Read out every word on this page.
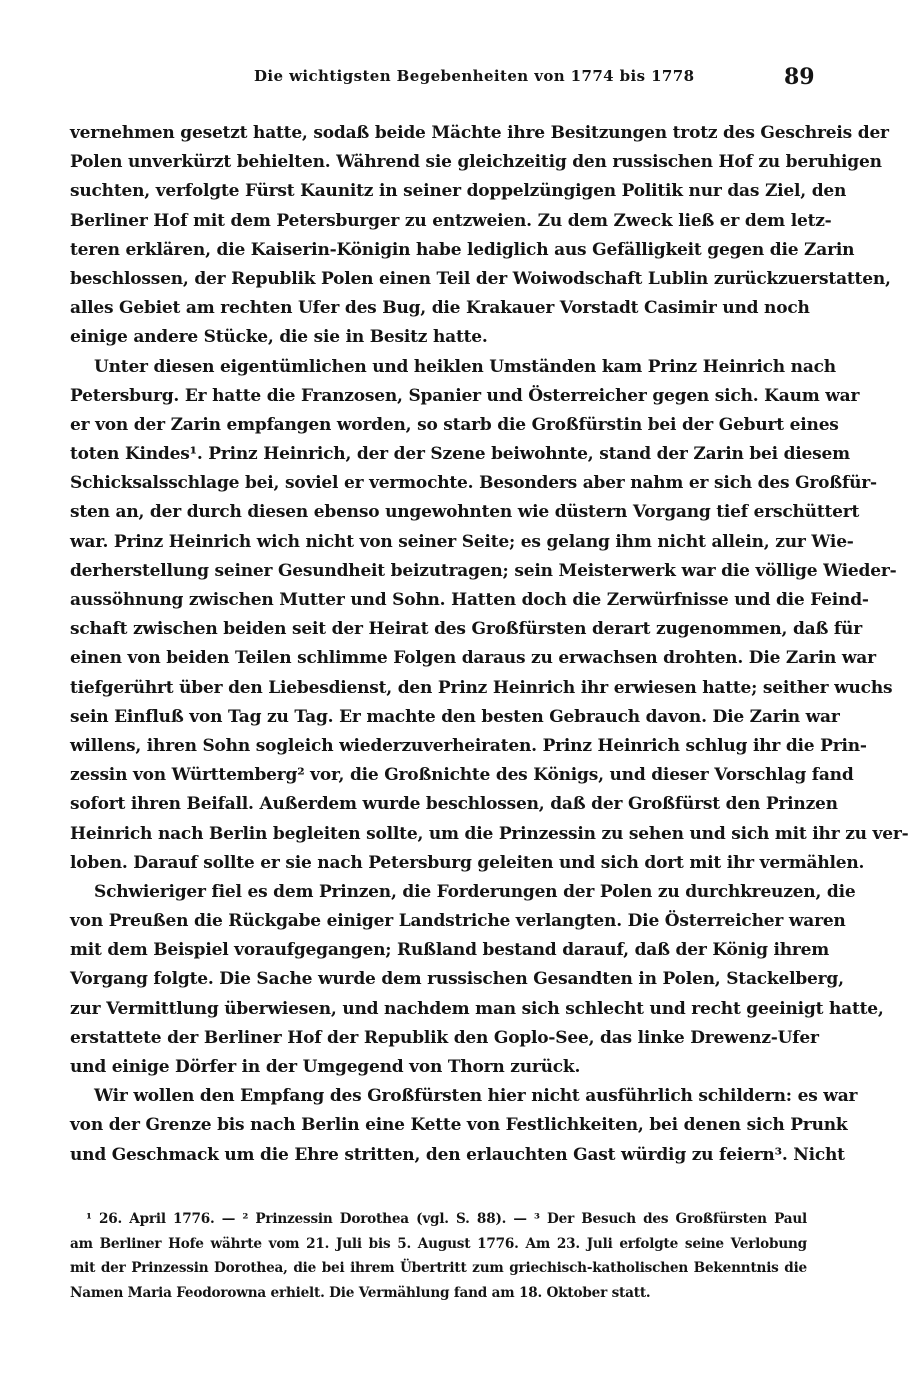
Die wichtigsten Begebenheiten von 1774 bis 1778	89
vernehmen gesetzt hatte, sodaß beide Mächte ihre Besitzungen trotz des Geschreis der
Polen unverkürzt behielten. Während sie gleichzeitig den russischen Hof zu beruhigen
suchten, verfolgte Fürst Kaunitz in seiner doppelzüngigen Politik nur das Ziel, den
Berliner Hof mit dem Petersburger zu entzweien. Zu dem Zweck ließ er dem letz-
teren erklären, die Kaiserin-Königin habe lediglich aus Gefälligkeit gegen die Zarin
beschlossen, der Republik Polen einen Teil der Woiwodschaft Lublin zurückzuerstatten,
alles Gebiet am rechten Ufer des Bug, die Krakauer Vorstadt Casimir und noch
einige andere Stücke, die sie in Besitz hatte.
Unter diesen eigentümlichen und heiklen Umständen kam Prinz Heinrich nach
Petersburg. Er hatte die Franzosen, Spanier und Österreicher gegen sich. Kaum war
er von der Zarin empfangen worden, so starb die Großfürstin bei der Geburt eines
toten Kindes¹. Prinz Heinrich, der der Szene beiwohnte, stand der Zarin bei diesem
Schicksalsschlage bei, soviel er vermochte. Besonders aber nahm er sich des Großfür-
sten an, der durch diesen ebenso ungewohnten wie düstern Vorgang tief erschüttert
war. Prinz Heinrich wich nicht von seiner Seite; es gelang ihm nicht allein, zur Wie-
derherstellung seiner Gesundheit beizutragen; sein Meisterwerk war die völlige Wieder-
aussöhnung zwischen Mutter und Sohn. Hatten doch die Zerwürfnisse und die Feind-
schaft zwischen beiden seit der Heirat des Großfürsten derart zugenommen, daß für
einen von beiden Teilen schlimme Folgen daraus zu erwachsen drohten. Die Zarin war
tiefgerührt über den Liebesdienst, den Prinz Heinrich ihr erwiesen hatte; seither wuchs
sein Einfluß von Tag zu Tag. Er machte den besten Gebrauch davon. Die Zarin war
willens, ihren Sohn sogleich wiederzuverheiraten. Prinz Heinrich schlug ihr die Prin-
zessin von Württemberg² vor, die Großnichte des Königs, und dieser Vorschlag fand
sofort ihren Beifall. Außerdem wurde beschlossen, daß der Großfürst den Prinzen
Heinrich nach Berlin begleiten sollte, um die Prinzessin zu sehen und sich mit ihr zu ver-
loben. Darauf sollte er sie nach Petersburg geleiten und sich dort mit ihr vermählen.
Schwieriger fiel es dem Prinzen, die Forderungen der Polen zu durchkreuzen, die
von Preußen die Rückgabe einiger Landstriche verlangten. Die Österreicher waren
mit dem Beispiel voraufgegangen; Rußland bestand darauf, daß der König ihrem
Vorgang folgte. Die Sache wurde dem russischen Gesandten in Polen, Stackelberg,
zur Vermittlung überwiesen, und nachdem man sich schlecht und recht geeinigt hatte,
erstattete der Berliner Hof der Republik den Goplo-See, das linke Drewenz-Ufer
und einige Dörfer in der Umgegend von Thorn zurück.
Wir wollen den Empfang des Großfürsten hier nicht ausführlich schildern: es war
von der Grenze bis nach Berlin eine Kette von Festlichkeiten, bei denen sich Prunk
und Geschmack um die Ehre stritten, den erlauchten Gast würdig zu feiern³. Nicht
¹ 26. April 1776. — ² Prinzessin Dorothea (vgl. S. 88). — ³ Der Besuch des Großfürsten Paul
am Berliner Hofe währte vom 21. Juli bis 5. August 1776. Am 23. Juli erfolgte seine Verlobung
mit der Prinzessin Dorothea, die bei ihrem Übertritt zum griechisch-katholischen Bekenntnis die
Namen Maria Feodorowna erhielt. Die Vermählung fand am 18. Oktober statt.
